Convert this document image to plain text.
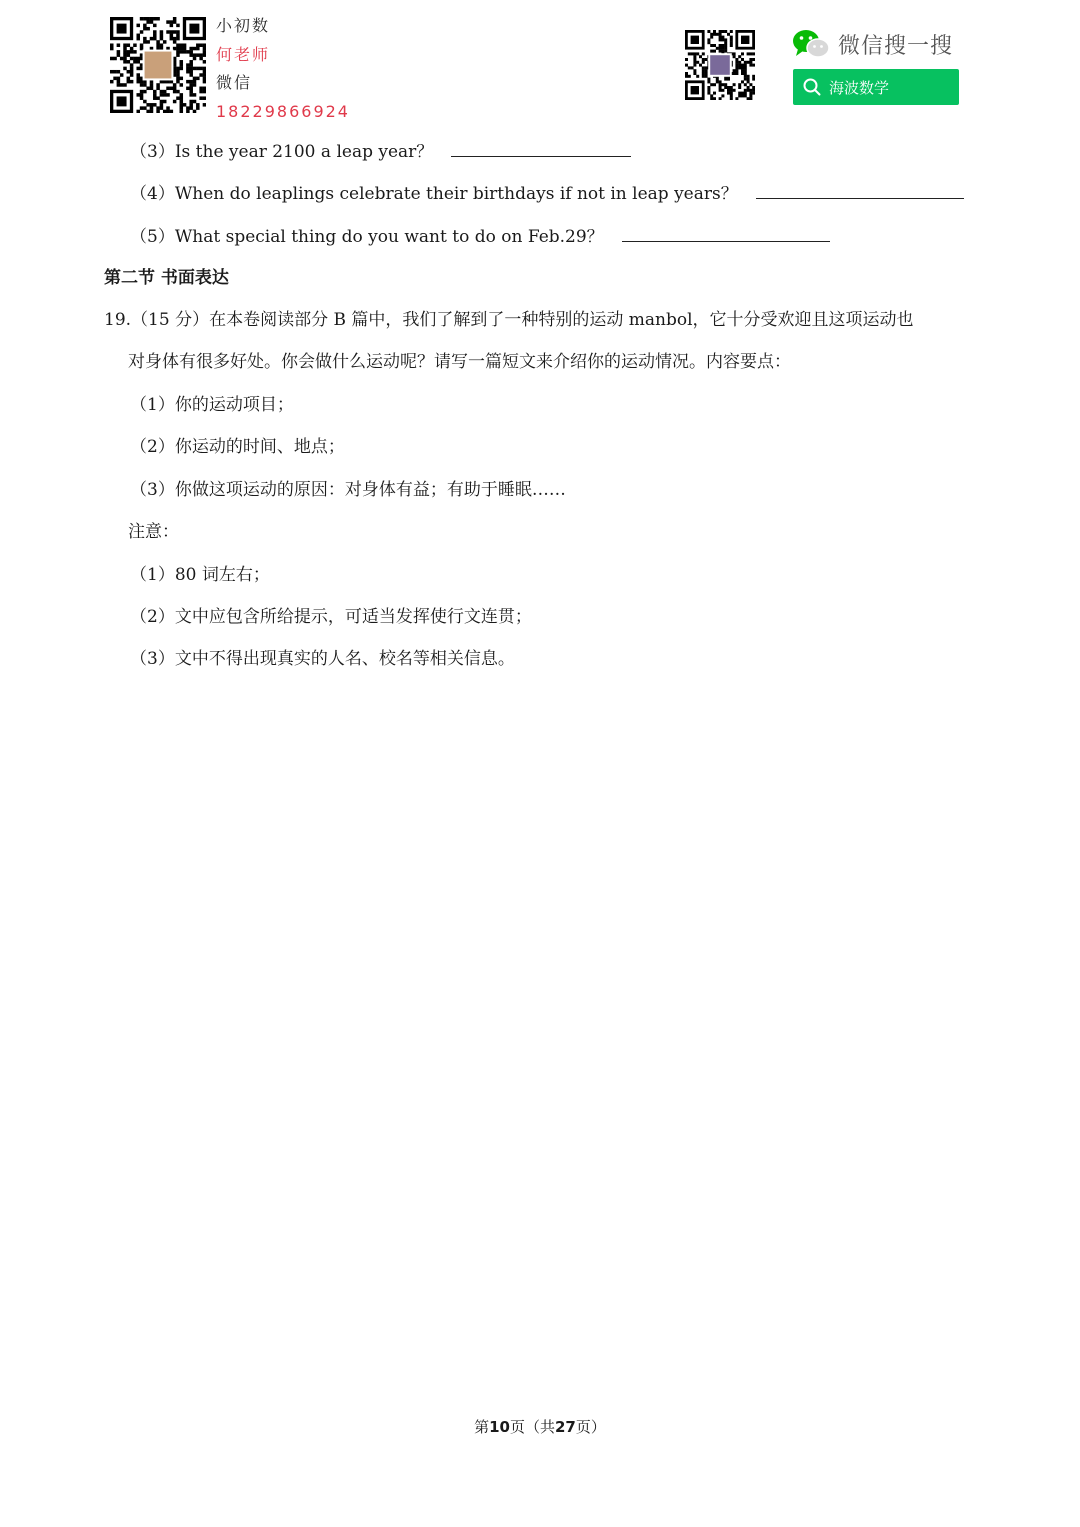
小初数
何老师
微信
18229866924
微信搜一搜
海波数学
（3）Is the year 2100 a leap year？
（4）When do leaplings celebrate their birthdays if not in leap years？
（5）What special thing do you want to do on Feb.29？
第二节 书面表达
19.（15 分）在本卷阅读部分 B 篇中，我们了解到了一种特别的运动 manbol，它十分受欢迎且这项运动也
对身体有很多好处。你会做什么运动呢？请写一篇短文来介绍你的运动情况。内容要点：
（1）你的运动项目；
（2）你运动的时间、地点；
（3）你做这项运动的原因：对身体有益；有助于睡眠……
注意：
（1）80 词左右；
（2）文中应包含所给提示，可适当发挥使行文连贯；
（3）文中不得出现真实的人名、校名等相关信息。
第10页（共27页）
